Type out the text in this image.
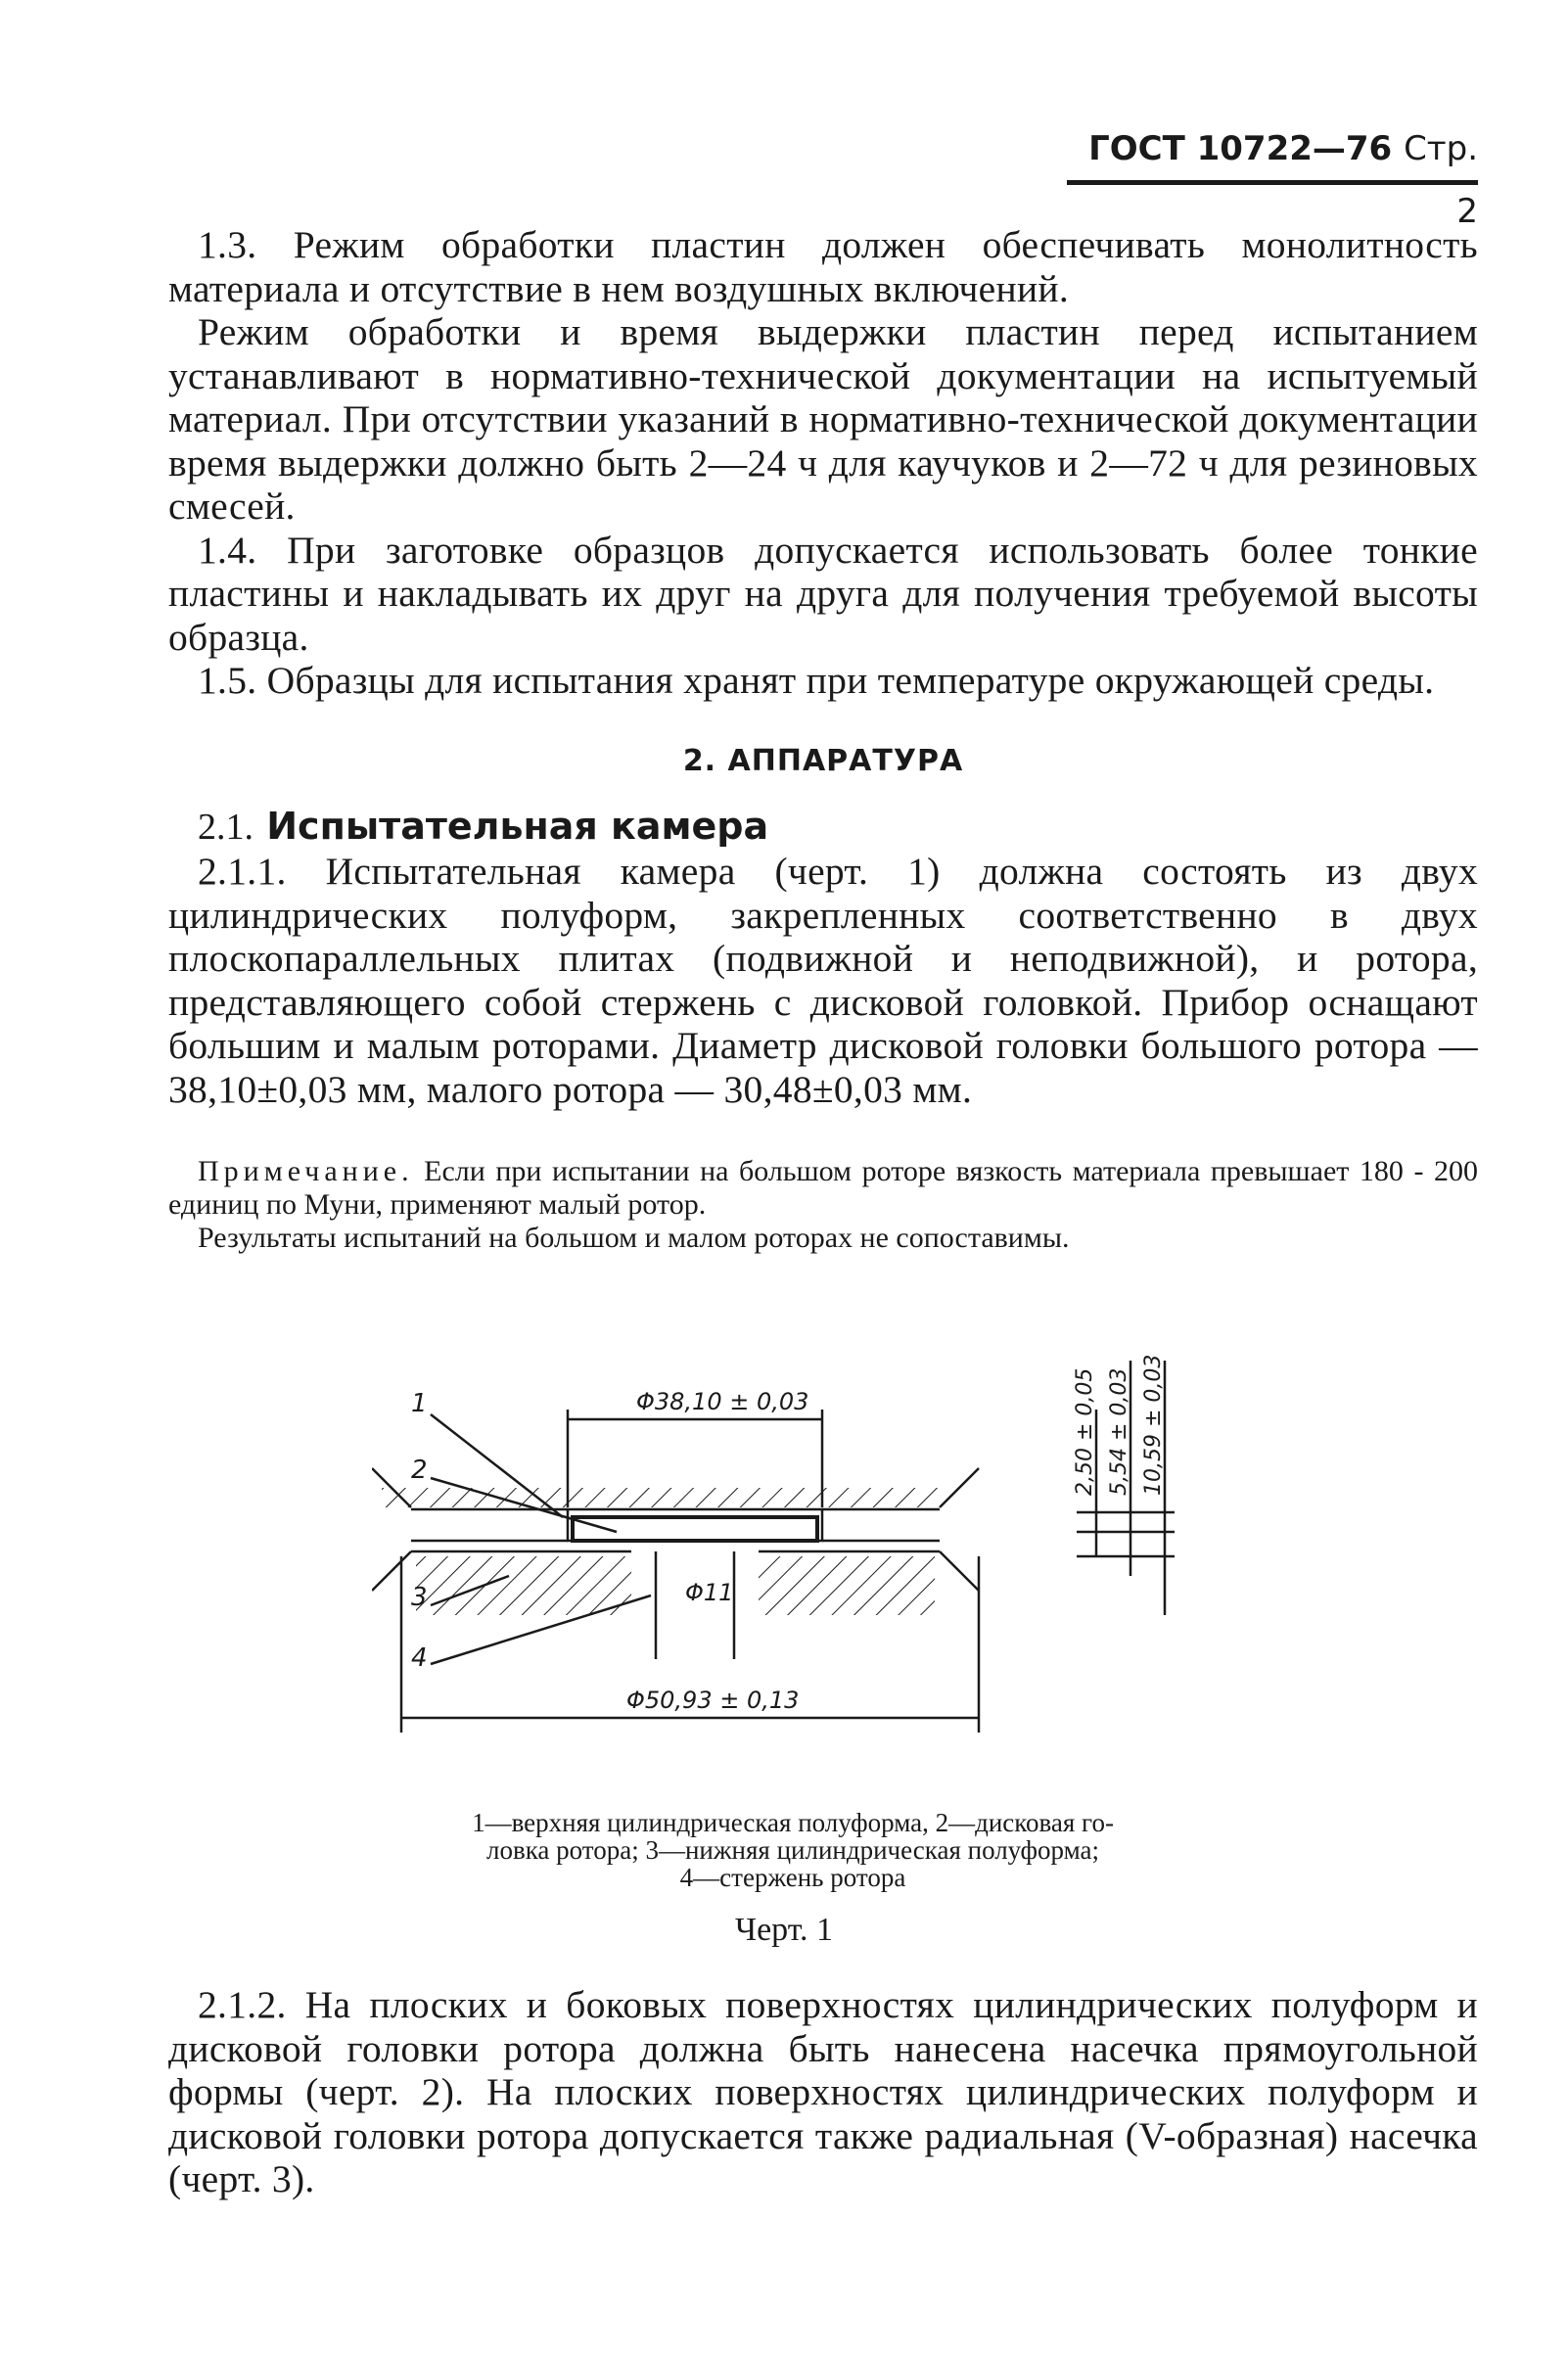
ГОСТ 10722—76 Стр. 2

1.3. Режим обработки пластин должен обеспечивать монолитность материала и отсутствие в нем воздушных включений.

Режим обработки и время выдержки пластин перед испытанием устанавливают в нормативно-технической документации на испытуемый материал. При отсутствии указаний в нормативно-технической документации время выдержки должно быть 2—24 ч для каучуков и 2—72 ч для резиновых смесей.

1.4. При заготовке образцов допускается использовать более тонкие пластины и накладывать их друг на друга для получения требуемой высоты образца.

1.5. Образцы для испытания хранят при температуре окружающей среды.

2. АППАРАТУРА
2.1. Испытательная камера

2.1.1. Испытательная камера (черт. 1) должна состоять из двух цилиндрических полуформ, закрепленных соответственно в двух плоскопараллельных плитах (подвижной и неподвижной), и ротора, представляющего собой стержень с дисковой головкой. Прибор оснащают большим и малым роторами. Диаметр дисковой головки большого ротора — 38,10±0,03 мм, малого ротора — 30,48±0,03 мм.

Примечание. Если при испытании на большом роторе вязкость материала превышает 180 - 200 единиц по Муни, применяют малый ротор.

Результаты испытаний на большом и малом роторах не сопоставимы.

1
2
3
4
Φ38,10 ± 0,03
Φ11
Φ50,93 ± 0,13
2,50 ± 0,05 5,54 ± 0,03 10,59 ± 0,03
1—верхняя цилиндрическая полуформа, 2—дисковая го-
ловка ротора; 3—нижняя цилиндрическая полуформа;
4—стержень ротора
Черт. 1

2.1.2. На плоских и боковых поверхностях цилиндрических полуформ и дисковой головки ротора должна быть нанесена насечка прямоугольной формы (черт. 2). На плоских поверхностях цилиндрических полуформ и дисковой головки ротора допускается также радиальная (V-образная) насечка (черт. 3).
